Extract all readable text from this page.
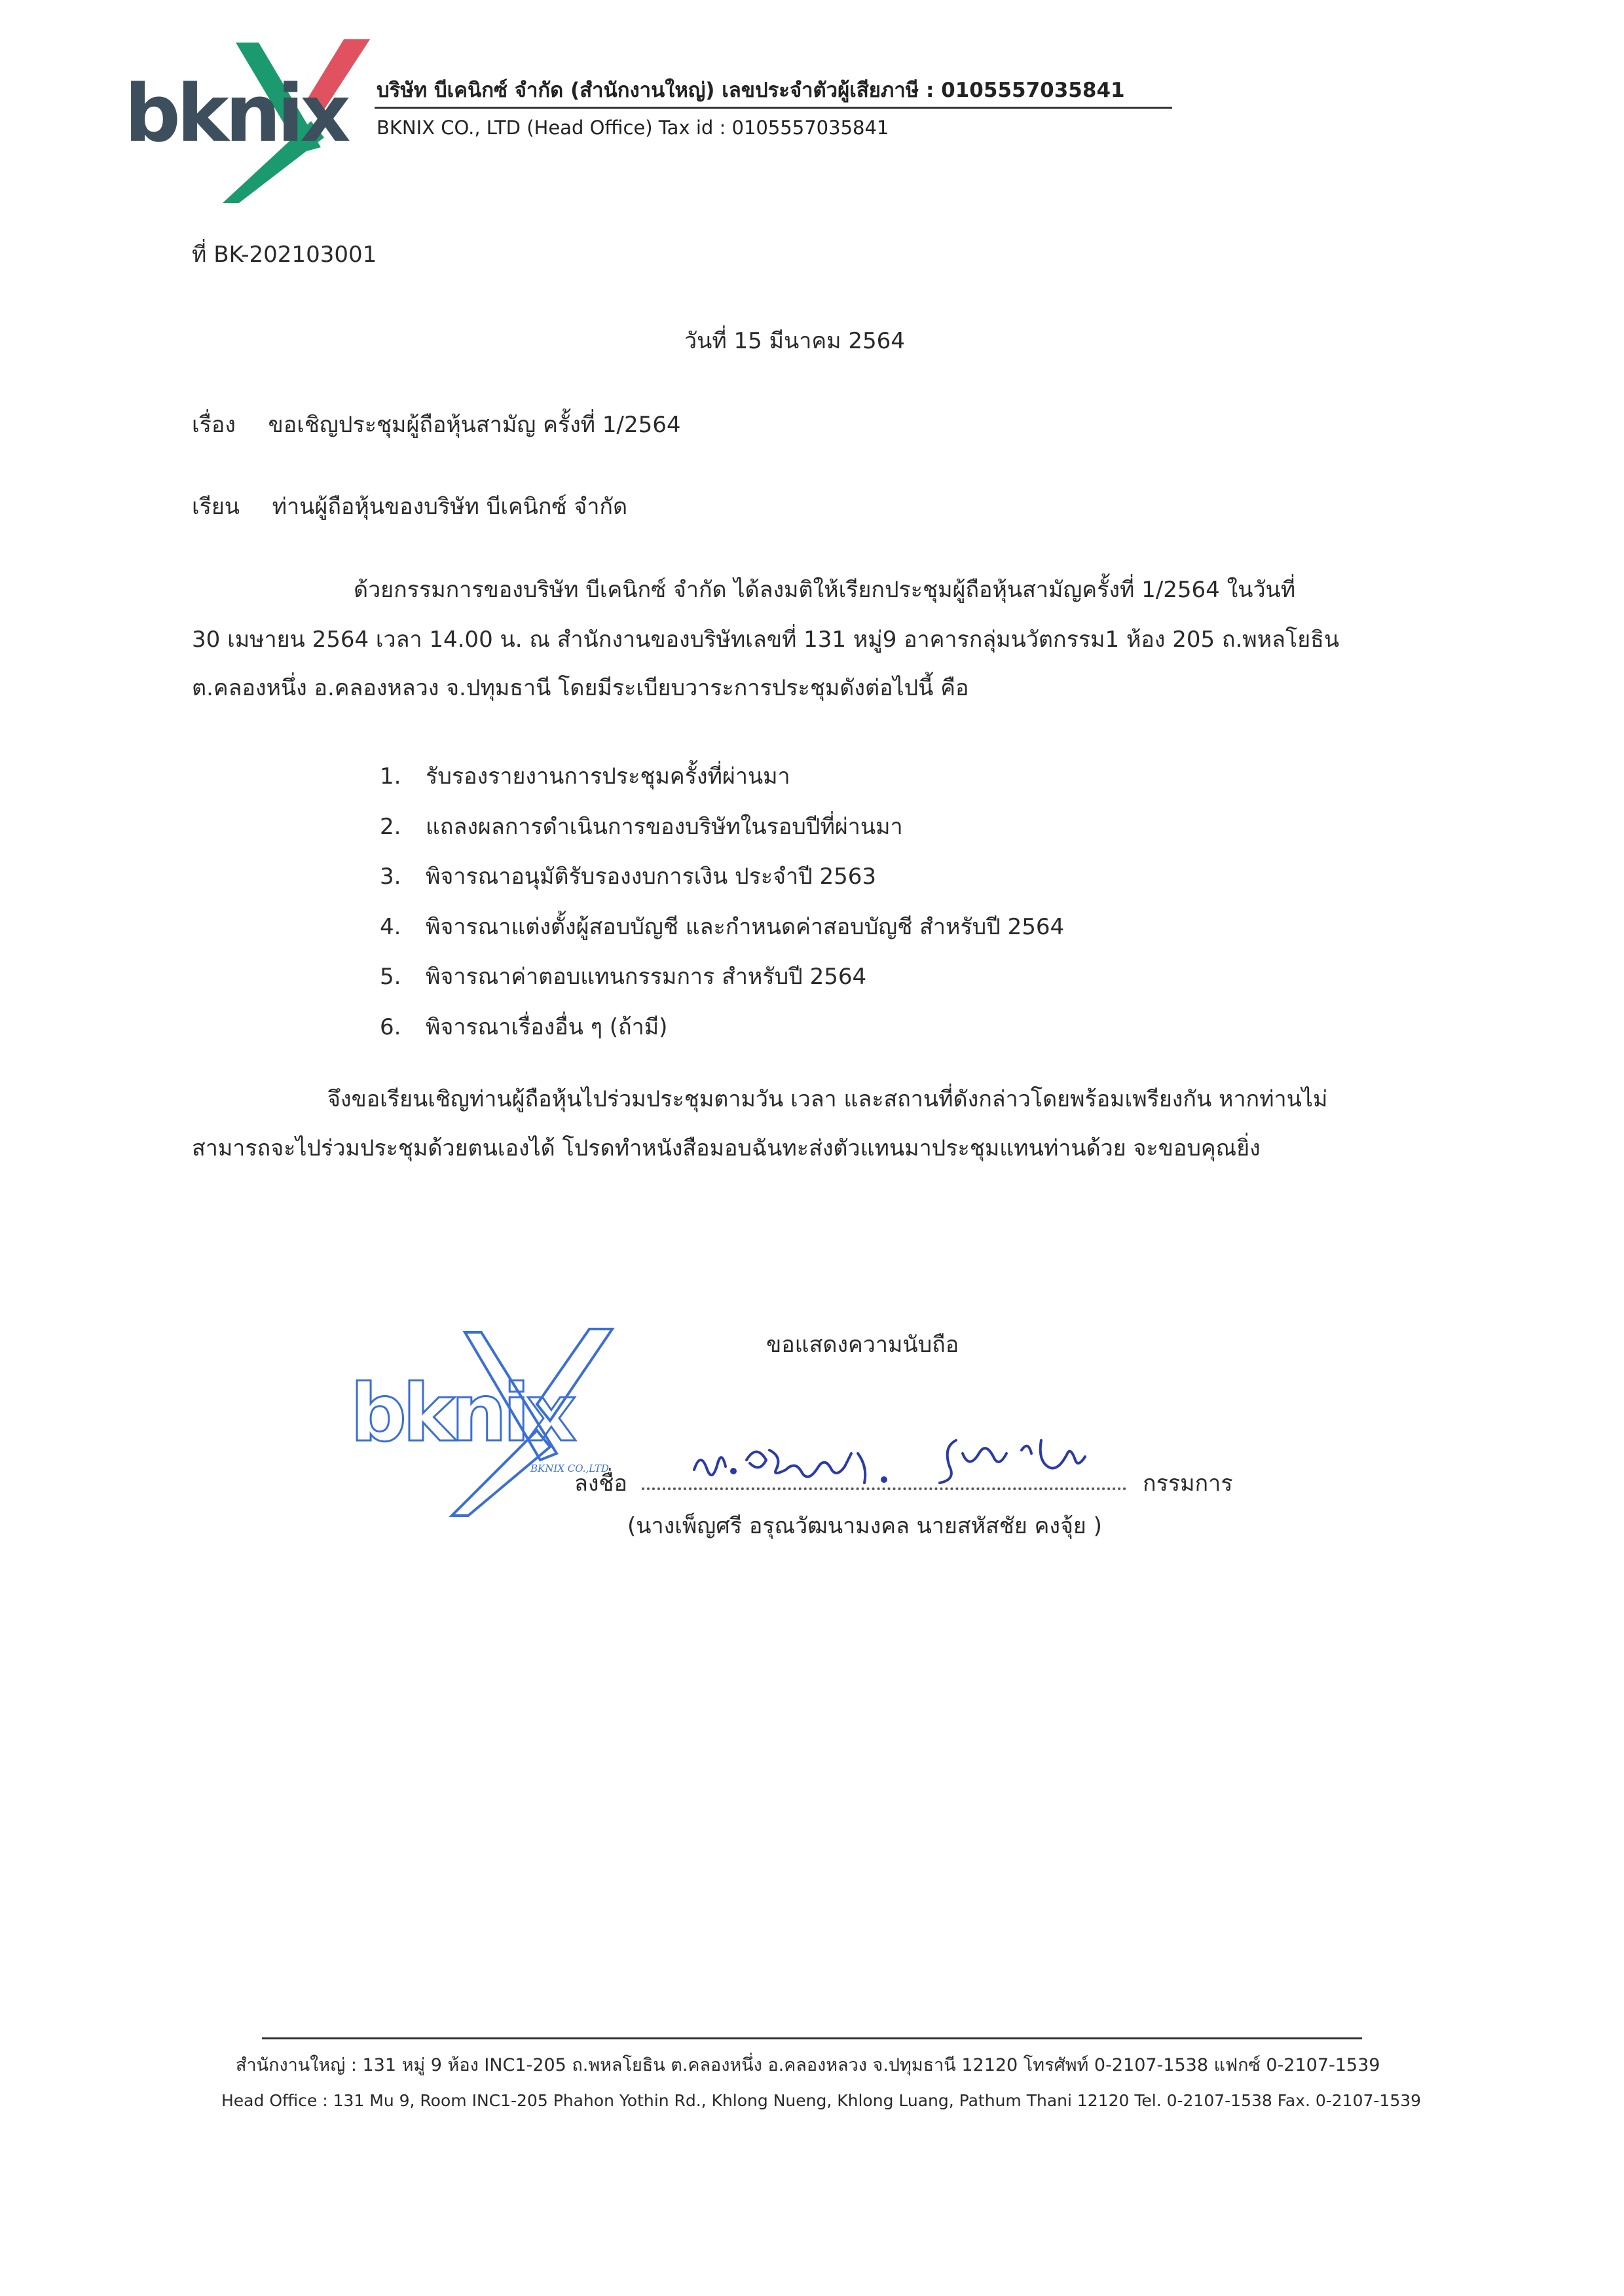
bknix บริษัท บีเคนิกซ์ จำกัด (สำนักงานใหญ่) เลขประจำตัวผู้เสียภาษี : 0105557035841
BKNIX CO., LTD (Head Office) Tax id : 0105557035841
ที่ BK-202103001
วันที่ 15 มีนาคม 2564
เรื่อง ขอเชิญประชุมผู้ถือหุ้นสามัญ ครั้งที่ 1/2564
เรียน ท่านผู้ถือหุ้นของบริษัท บีเคนิกซ์ จำกัด
ด้วยกรรมการของบริษัท บีเคนิกซ์ จำกัด ได้ลงมติให้เรียกประชุมผู้ถือหุ้นสามัญครั้งที่ 1/2564 ในวันที่
30 เมษายน 2564 เวลา 14.00 น. ณ สำนักงานของบริษัทเลขที่ 131 หมู่9 อาคารกลุ่มนวัตกรรม1 ห้อง 205 ถ.พหลโยธิน
ต.คลองหนึ่ง อ.คลองหลวง จ.ปทุมธานี โดยมีระเบียบวาระการประชุมดังต่อไปนี้ คือ
1. รับรองรายงานการประชุมครั้งที่ผ่านมา
2. แถลงผลการดำเนินการของบริษัทในรอบปีที่ผ่านมา
3. พิจารณาอนุมัติรับรองงบการเงิน ประจำปี 2563
4. พิจารณาแต่งตั้งผู้สอบบัญชี และกำหนดค่าสอบบัญชี สำหรับปี 2564
5. พิจารณาค่าตอบแทนกรรมการ สำหรับปี 2564
6. พิจารณาเรื่องอื่น ๆ (ถ้ามี)
จึงขอเรียนเชิญท่านผู้ถือหุ้นไปร่วมประชุมตามวัน เวลา และสถานที่ดังกล่าวโดยพร้อมเพรียงกัน หากท่านไม่
สามารถจะไปร่วมประชุมด้วยตนเองได้ โปรดทำหนังสือมอบฉันทะส่งตัวแทนมาประชุมแทนท่านด้วย จะขอบคุณยิ่ง
ขอแสดงความนับถือ
bknix
BKNIX CO.,LTD
ลงชื่อ	กรรมการ
(นางเพ็ญศรี อรุณวัฒนามงคล นายสหัสชัย คงจุ้ย )
สำนักงานใหญ่ : 131 หมู่ 9 ห้อง INC1-205 ถ.พหลโยธิน ต.คลองหนึ่ง อ.คลองหลวง จ.ปทุมธานี 12120 โทรศัพท์ 0-2107-1538 แฟกซ์ 0-2107-1539
Head Office : 131 Mu 9, Room INC1-205 Phahon Yothin Rd., Khlong Nueng, Khlong Luang, Pathum Thani 12120 Tel. 0-2107-1538 Fax. 0-2107-1539
